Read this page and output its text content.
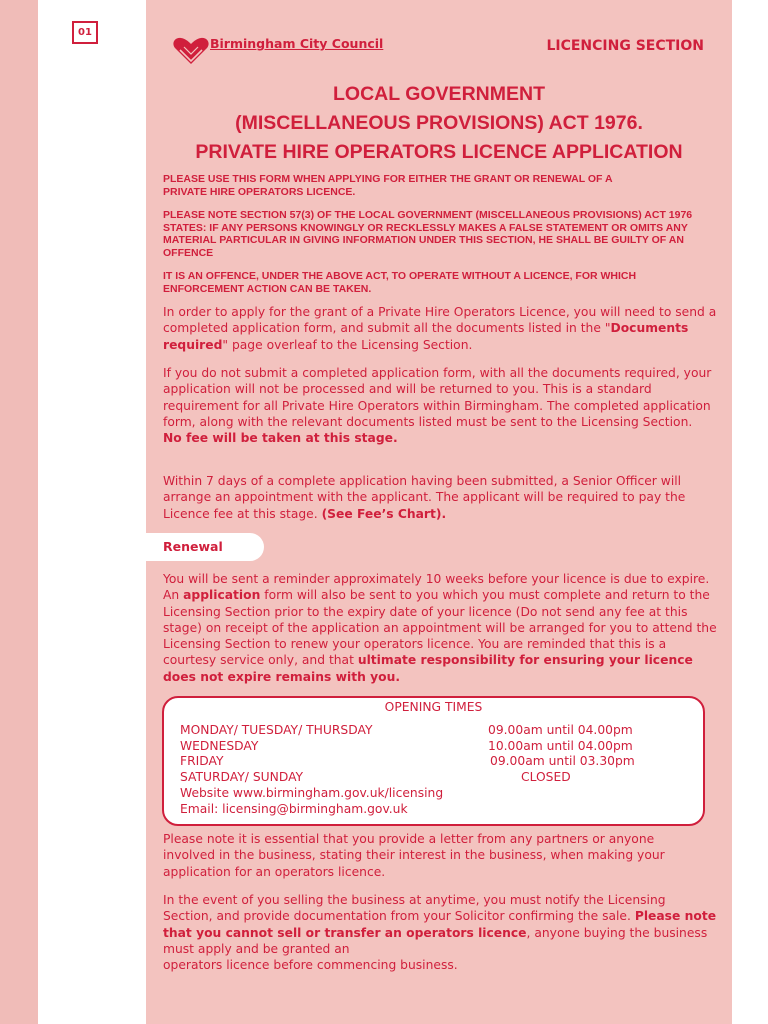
01
Birmingham City Council	LICENCING SECTION
LOCAL GOVERNMENT
(MISCELLANEOUS PROVISIONS) ACT 1976.
PRIVATE HIRE OPERATORS LICENCE APPLICATION
PLEASE USE THIS FORM WHEN APPLYING FOR EITHER THE GRANT OR RENEWAL OF A PRIVATE HIRE OPERATORS LICENCE.
PLEASE NOTE SECTION 57(3) OF THE LOCAL GOVERNMENT (MISCELLANEOUS PROVISIONS) ACT 1976 STATES: IF ANY PERSONS KNOWINGLY OR RECKLESSLY MAKES A FALSE STATEMENT OR OMITS ANY MATERIAL PARTICULAR IN GIVING INFORMATION UNDER THIS SECTION, HE SHALL BE GUILTY OF AN OFFENCE
IT IS AN OFFENCE, UNDER THE ABOVE ACT, TO OPERATE WITHOUT A LICENCE, FOR WHICH ENFORCEMENT ACTION CAN BE TAKEN.

In order to apply for the grant of a Private Hire Operators Licence, you will need to send a completed application form, and submit all the documents listed in the "Documents required" page overleaf to the Licensing Section.

If you do not submit a completed application form, with all the documents required, your application will not be processed and will be returned to you. This is a standard requirement for all Private Hire Operators within Birmingham. The completed application form, along with the relevant documents listed must be sent to the Licensing Section.

No fee will be taken at this stage.

Within 7 days of a complete application having been submitted, a Senior Officer will arrange an appointment with the applicant. The applicant will be required to pay the Licence fee at this stage. (See Fee’s Chart).

Renewal

You will be sent a reminder approximately 10 weeks before your licence is due to expire. An application form will also be sent to you which you must complete and return to the Licensing Section prior to the expiry date of your licence (Do not send any fee at this stage) on receipt of the application an appointment will be arranged for you to attend the Licensing Section to renew your operators licence. You are reminded that this is a courtesy service only, and that ultimate responsibility for ensuring your licence does not expire remains with you.

OPENING TIMES
MONDAY/ TUESDAY/ THURSDAY	09.00am until 04.00pm
WEDNESDAY	10.00am until 04.00pm
FRIDAY	09.00am until 03.30pm
SATURDAY/ SUNDAY	CLOSED
Website www.birmingham.gov.uk/licensing
Email: licensing@birmingham.gov.uk

Please note it is essential that you provide a letter from any partners or anyone involved in the business, stating their interest in the business, when making your application for an operators licence.

In the event of you selling the business at anytime, you must notify the Licensing Section, and provide documentation from your Solicitor confirming the sale. Please note that you cannot sell or transfer an operators licence, anyone buying the business must apply and be granted an

operators licence before commencing business.
